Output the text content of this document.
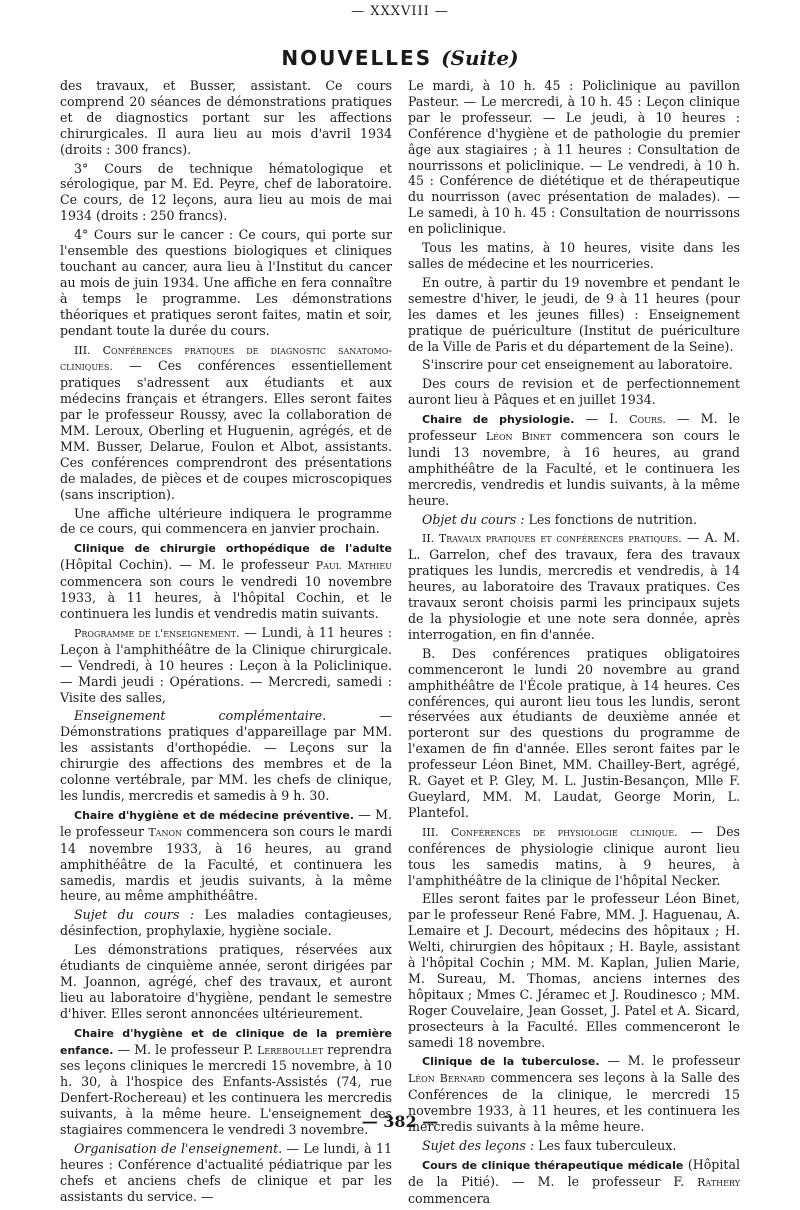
— XXXVIII —
NOUVELLES (Suite)

des travaux, et Busser, assistant. Ce cours comprend 20 séances de démonstrations pratiques et de diagnostics portant sur les affections chirurgicales. Il aura lieu au mois d'avril 1934 (droits : 300 francs).

3° Cours de technique hématologique et sérologique, par M. Ed. Peyre, chef de laboratoire. Ce cours, de 12 leçons, aura lieu au mois de mai 1934 (droits : 250 francs).

4° Cours sur le cancer : Ce cours, qui porte sur l'ensemble des questions biologiques et cliniques touchant au cancer, aura lieu à l'Institut du cancer au mois de juin 1934. Une affiche en fera connaître à temps le programme. Les démonstrations théoriques et pratiques seront faites, matin et soir, pendant toute la durée du cours.

III. Conférences pratiques de diagnostic sanatomo-cliniques. — Ces conférences essentiellement pratiques s'adressent aux étudiants et aux médecins français et étrangers. Elles seront faites par le professeur Roussy, avec la collaboration de MM. Leroux, Oberling et Huguenin, agrégés, et de MM. Busser, Delarue, Foulon et Albot, assistants. Ces conférences comprendront des présentations de malades, de pièces et de coupes microscopiques (sans inscription).

Une affiche ultérieure indiquera le programme de ce cours, qui commencera en janvier prochain.

Clinique de chirurgie orthopédique de l'adulte (Hôpital Cochin). — M. le professeur Paul Mathieu commencera son cours le vendredi 10 novembre 1933, à 11 heures, à l'hôpital Cochin, et le continuera les lundis et vendredis matin suivants.

Programme de l'enseignement. — Lundi, à 11 heures : Leçon à l'amphithéâtre de la Clinique chirurgicale. — Vendredi, à 10 heures : Leçon à la Policlinique. — Mardi jeudi : Opérations. — Mercredi, samedi : Visite des salles,

Enseignement complémentaire. — Démonstrations pratiques d'appareillage par MM. les assistants d'orthopédie. — Leçons sur la chirurgie des affections des membres et de la colonne vertébrale, par MM. les chefs de clinique, les lundis, mercredis et samedis à 9 h. 30.

Chaire d'hygiène et de médecine préventive. — M. le professeur Tanon commencera son cours le mardi 14 novembre 1933, à 16 heures, au grand amphithéâtre de la Faculté, et continuera les samedis, mardis et jeudis suivants, à la même heure, au même amphithéâtre.

Sujet du cours : Les maladies contagieuses, désinfection, prophylaxie, hygiène sociale.

Les démonstrations pratiques, réservées aux étudiants de cinquième année, seront dirigées par M. Joannon, agrégé, chef des travaux, et auront lieu au laboratoire d'hygiène, pendant le semestre d'hiver. Elles seront annoncées ultérieurement.

Chaire d'hygiène et de clinique de la première enfance. — M. le professeur P. Lereboullet reprendra ses leçons cliniques le mercredi 15 novembre, à 10 h. 30, à l'hospice des Enfants-Assistés (74, rue Denfert-Rochereau) et les continuera les mercredis suivants, à la même heure. L'enseignement des stagiaires commencera le vendredi 3 novembre.

Organisation de l'enseignement. — Le lundi, à 11 heures : Conférence d'actualité pédiatrique par les chefs et anciens chefs de clinique et par les assistants du service. —

Le mardi, à 10 h. 45 : Policlinique au pavillon Pasteur. — Le mercredi, à 10 h. 45 : Leçon clinique par le professeur. — Le jeudi, à 10 heures : Conférence d'hygiène et de pathologie du premier âge aux stagiaires ; à 11 heures : Consultation de nourrissons et policlinique. — Le vendredi, à 10 h. 45 : Conférence de diététique et de thérapeutique du nourrisson (avec présentation de malades). — Le samedi, à 10 h. 45 : Consultation de nourrissons en policlinique.

Tous les matins, à 10 heures, visite dans les salles de médecine et les nourriceries.

En outre, à partir du 19 novembre et pendant le semestre d'hiver, le jeudi, de 9 à 11 heures (pour les dames et les jeunes filles) : Enseignement pratique de puériculture (Institut de puériculture de la Ville de Paris et du département de la Seine).

S'inscrire pour cet enseignement au laboratoire.

Des cours de revision et de perfectionnement auront lieu à Pâques et en juillet 1934.

Chaire de physiologie. — I. Cours. — M. le professeur Léon Binet commencera son cours le lundi 13 novembre, à 16 heures, au grand amphithéâtre de la Faculté, et le continuera les mercredis, vendredis et lundis suivants, à la même heure.

Objet du cours : Les fonctions de nutrition.

II. Travaux pratiques et conférences pratiques. — A. M. L. Garrelon, chef des travaux, fera des travaux pratiques les lundis, mercredis et vendredis, à 14 heures, au laboratoire des Travaux pratiques. Ces travaux seront choisis parmi les principaux sujets de la physiologie et une note sera donnée, après interrogation, en fin d'année.

B. Des conférences pratiques obligatoires commenceront le lundi 20 novembre au grand amphithéâtre de l'École pratique, à 14 heures. Ces conférences, qui auront lieu tous les lundis, seront réservées aux étudiants de deuxième année et porteront sur des questions du programme de l'examen de fin d'année. Elles seront faites par le professeur Léon Binet, MM. Chailley-Bert, agrégé, R. Gayet et P. Gley, M. L. Justin-Besançon, Mlle F. Gueylard, MM. M. Laudat, George Morin, L. Plantefol.

III. Conférences de physiologie clinique. — Des conférences de physiologie clinique auront lieu tous les samedis matins, à 9 heures, à l'amphithéâtre de la clinique de l'hôpital Necker.

Elles seront faites par le professeur Léon Binet, par le professeur René Fabre, MM. J. Haguenau, A. Lemaire et J. Decourt, médecins des hôpitaux ; H. Welti, chirurgien des hôpitaux ; H. Bayle, assistant à l'hôpital Cochin ; MM. M. Kaplan, Julien Marie, M. Sureau, M. Thomas, anciens internes des hôpitaux ; Mmes C. Jéramec et J. Roudinesco ; MM. Roger Couvelaire, Jean Gosset, J. Patel et A. Sicard, prosecteurs à la Faculté. Elles commenceront le samedi 18 novembre.

Clinique de la tuberculose. — M. le professeur Léon Bernard commencera ses leçons à la Salle des Conférences de la clinique, le mercredi 15 novembre 1933, à 11 heures, et les continuera les mercredis suivants à la même heure.

Sujet des leçons : Les faux tuberculeux.

Cours de clinique thérapeutique médicale (Hôpital de la Pitié). — M. le professeur F. Rathery commencera

— 382 —
